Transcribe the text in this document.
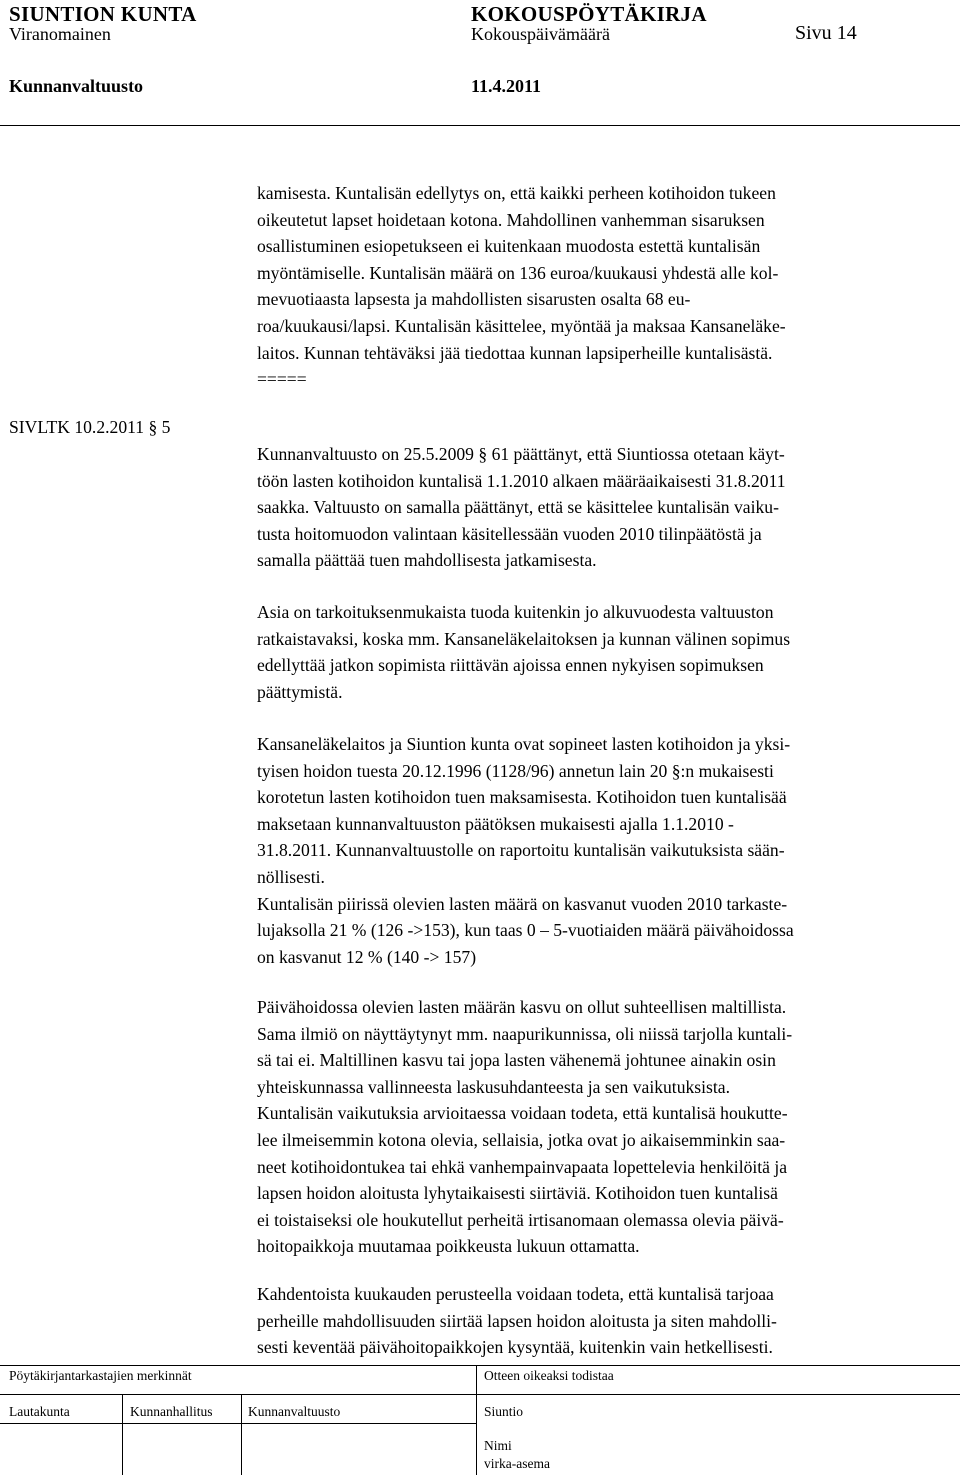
SIUNTION KUNTA	KOKOUSPÖYTÄKIRJA
Viranomainen	Kokouspäivämäärä	Sivu 14
Kunnanvaltuusto	11.4.2011
SIVLTK 10.2.2011 § 5
kamisesta. Kuntalisän edellytys on, että kaikki perheen kotihoidon tukeen
oikeutetut lapset hoidetaan kotona. Mahdollinen vanhemman sisaruksen
osallistuminen esiopetukseen ei kuitenkaan muodosta estettä kuntalisän
myöntämiselle. Kuntalisän määrä on 136 euroa/kuukausi yhdestä alle kol-
mevuotiaasta lapsesta ja mahdollisten sisarusten osalta 68 eu-
roa/kuukausi/lapsi. Kuntalisän käsittelee, myöntää ja maksaa Kansaneläke-
laitos. Kunnan tehtäväksi jää tiedottaa kunnan lapsiperheille kuntalisästä.
=====
Kunnanvaltuusto on 25.5.2009 § 61 päättänyt, että Siuntiossa otetaan käyt-
töön lasten kotihoidon kuntalisä 1.1.2010 alkaen määräaikaisesti 31.8.2011
saakka. Valtuusto on samalla päättänyt, että se käsittelee kuntalisän vaiku-
tusta hoitomuodon valintaan käsitellessään vuoden 2010 tilinpäätöstä ja
samalla päättää tuen mahdollisesta jatkamisesta.
Asia on tarkoituksenmukaista tuoda kuitenkin jo alkuvuodesta valtuuston
ratkaistavaksi, koska mm. Kansaneläkelaitoksen ja kunnan välinen sopimus
edellyttää jatkon sopimista riittävän ajoissa ennen nykyisen sopimuksen
päättymistä.
Kansaneläkelaitos ja Siuntion kunta ovat sopineet lasten kotihoidon ja yksi-
tyisen hoidon tuesta 20.12.1996 (1128/96) annetun lain 20 §:n mukaisesti
korotetun lasten kotihoidon tuen maksamisesta. Kotihoidon tuen kuntalisää
maksetaan kunnanvaltuuston päätöksen mukaisesti ajalla 1.1.2010 -
31.8.2011. Kunnanvaltuustolle on raportoitu kuntalisän vaikutuksista sään-
nöllisesti.
Kuntalisän piirissä olevien lasten määrä on kasvanut vuoden 2010 tarkaste-
lujaksolla 21 % (126 ->153), kun taas 0 – 5-vuotiaiden määrä päivähoidossa
on kasvanut 12 % (140 -> 157)
Päivähoidossa olevien lasten määrän kasvu on ollut suhteellisen maltillista.
Sama ilmiö on näyttäytynyt mm. naapurikunnissa, oli niissä tarjolla kuntali-
sä tai ei. Maltillinen kasvu tai jopa lasten vähenemä johtunee ainakin osin
yhteiskunnassa vallinneesta laskusuhdanteesta ja sen vaikutuksista.
Kuntalisän vaikutuksia arvioitaessa voidaan todeta, että kuntalisä houkutte-
lee ilmeisemmin kotona olevia, sellaisia, jotka ovat jo aikaisemminkin saa-
neet kotihoidontukea tai ehkä vanhempainvapaata lopettelevia henkilöitä ja
lapsen hoidon aloitusta lyhytaikaisesti siirtäviä. Kotihoidon tuen kuntalisä
ei toistaiseksi ole houkutellut perheitä irtisanomaan olemassa olevia päivä-
hoitopaikkoja muutamaa poikkeusta lukuun ottamatta.
Kahdentoista kuukauden perusteella voidaan todeta, että kuntalisä tarjoaa
perheille mahdollisuuden siirtää lapsen hoidon aloitusta ja siten mahdolli-
sesti keventää päivähoitopaikkojen kysyntää, kuitenkin vain hetkellisesti.
Pöytäkirjantarkastajien merkinnät	Otteen oikeaksi todistaa
Lautakunta	Kunnanhallitus	Kunnanvaltuusto	Siuntio
Nimi
virka-asema
